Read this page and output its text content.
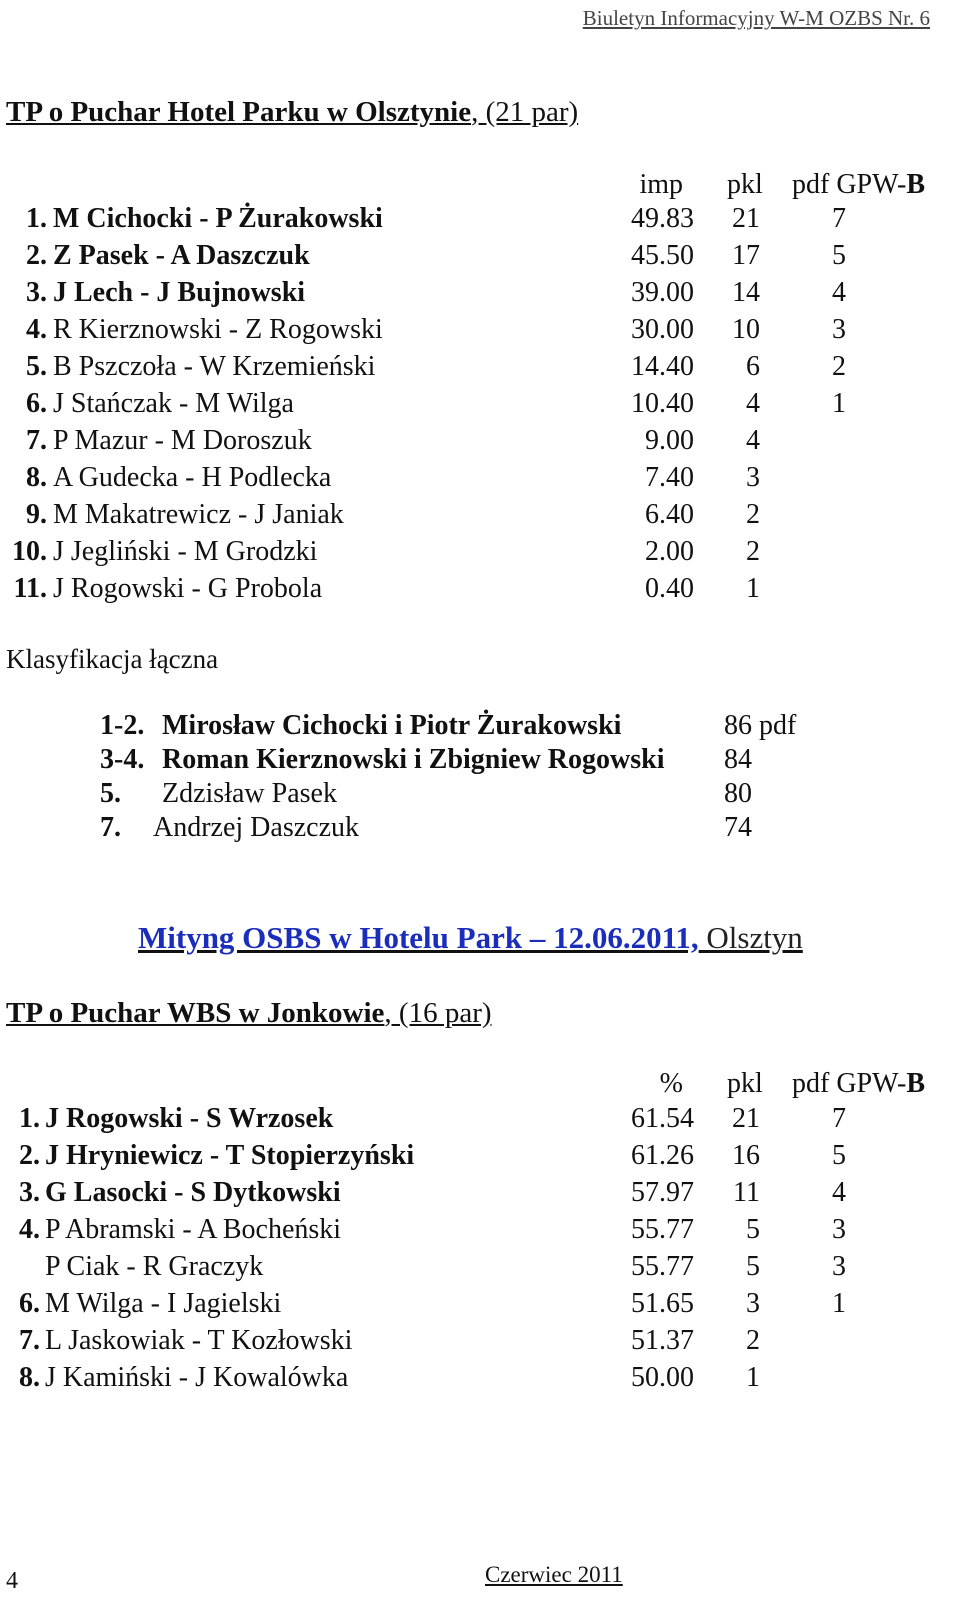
Biuletyn Informacyjny W-M OZBS Nr. 6
TP o Puchar Hotel Parku w Olsztynie, (21 par)
imp pkl pdf GPW-B
1. M Cichocki - P Żurakowski	49.83 21	7
2. Z Pasek - A Daszczuk	45.50 17	5
3. J Lech - J Bujnowski	39.00 14	4
4. R Kierznowski - Z Rogowski	30.00 10	3
5. B Pszczoła - W Krzemieński	14.40 6	2
6. J Stańczak - M Wilga	10.40 4	1
7. P Mazur - M Doroszuk	9.00 4
8. A Gudecka - H Podlecka	7.40 3
9. M Makatrewicz - J Janiak	6.40 2
10. J Jegliński - M Grodzki	2.00 2
11. J Rogowski - G Probola	0.40 1
Klasyfikacja łączna
1-2. Mirosław Cichocki i Piotr Żurakowski	86 pdf
3-4. Roman Kierznowski i Zbigniew Rogowski 84
5. Zdzisław Pasek	80
7. Andrzej Daszczuk	74
Mityng OSBS w Hotelu Park – 12.06.2011, Olsztyn
TP o Puchar WBS w Jonkowie, (16 par)
% pkl pdf GPW-B
1. J Rogowski - S Wrzosek	61.54 21	7
2. J Hryniewicz - T Stopierzyński	61.26 16	5
3. G Lasocki - S Dytkowski	57.97 11	4
4. P Abramski - A Bocheński	55.77 5	3
P Ciak - R Graczyk	55.77 5	3
6. M Wilga - I Jagielski	51.65 3	1
7. L Jaskowiak - T Kozłowski	51.37 2
8. J Kamiński - J Kowalówka	50.00 1
4	Czerwiec 2011
